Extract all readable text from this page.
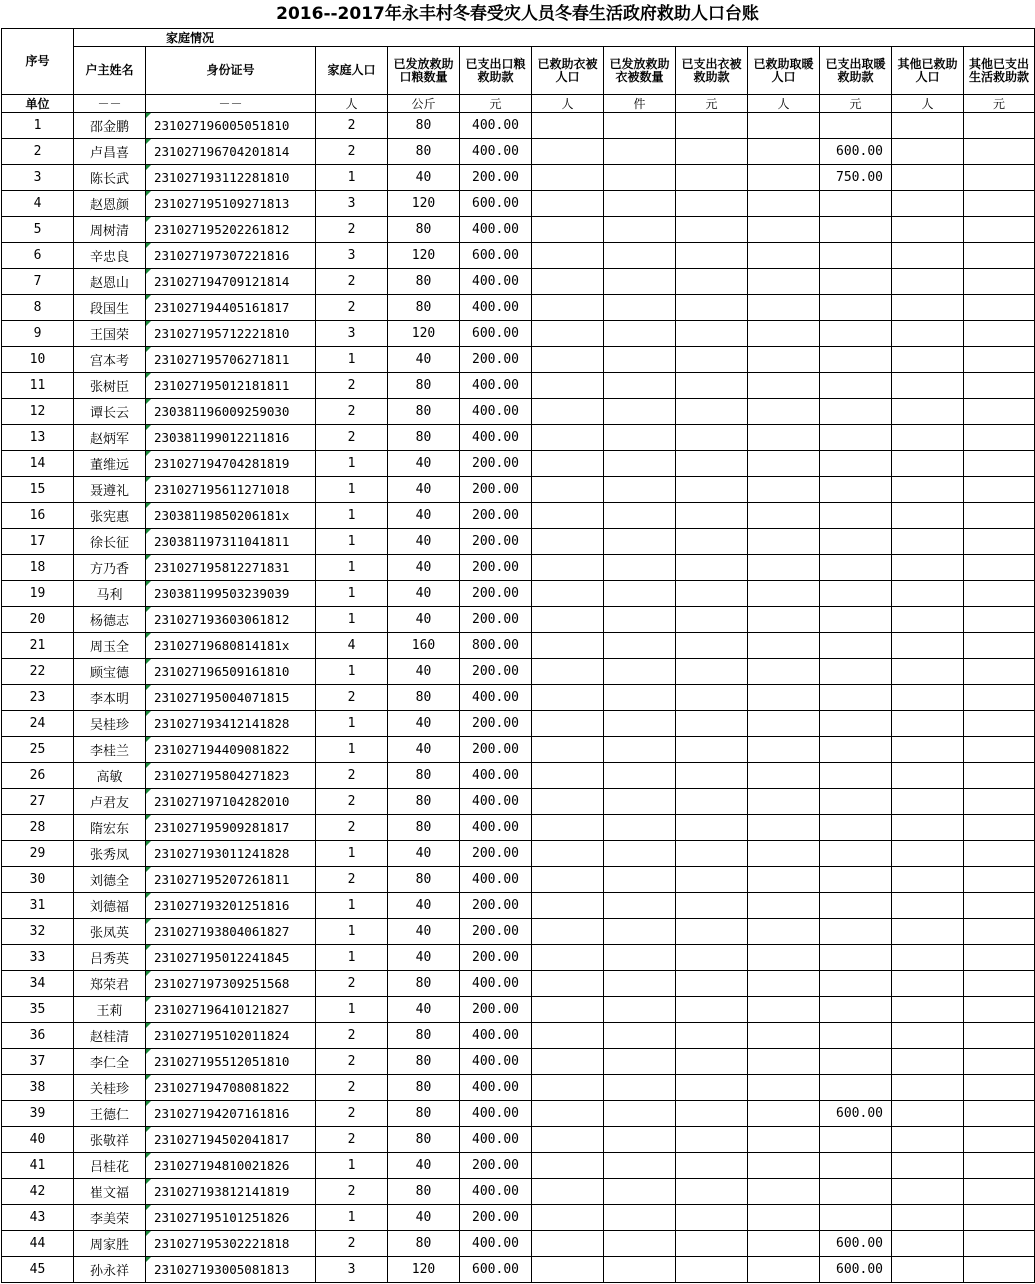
2016--2017年永丰村冬春受灾人员冬春生活政府救助人口台账
序号	家庭情况											
	户主姓名	身份证号	家庭人口	已发放救助口粮数量	已支出口粮救助款	已救助衣被人口	已发放救助衣被数量	已支出衣被救助款	已救助取暖人口	已支出取暖救助款	其他已救助人口	其他已支出生活救助款
单位	－－	－－	人	公斤	元	人	件	元	人	元	人	元
1	邵金鹏	231027196005051810	2	80	400.00							
2	卢昌喜	231027196704201814	2	80	400.00					600.00		
3	陈长武	231027193112281810	1	40	200.00					750.00		
4	赵恩颜	231027195109271813	3	120	600.00							
5	周树清	231027195202261812	2	80	400.00							
6	辛忠良	231027197307221816	3	120	600.00							
7	赵恩山	231027194709121814	2	80	400.00							
8	段国生	231027194405161817	2	80	400.00							
9	王国荣	231027195712221810	3	120	600.00							
10	宫本考	231027195706271811	1	40	200.00							
11	张树臣	231027195012181811	2	80	400.00							
12	谭长云	230381196009259030	2	80	400.00							
13	赵炳军	230381199012211816	2	80	400.00							
14	董维远	231027194704281819	1	40	200.00							
15	聂遵礼	231027195611271018	1	40	200.00							
16	张宪惠	23038119850206181x	1	40	200.00							
17	徐长征	230381197311041811	1	40	200.00							
18	方乃香	231027195812271831	1	40	200.00							
19	马利	230381199503239039	1	40	200.00							
20	杨德志	231027193603061812	1	40	200.00							
21	周玉全	23102719680814181x	4	160	800.00							
22	顾宝德	231027196509161810	1	40	200.00							
23	李本明	231027195004071815	2	80	400.00							
24	吴桂珍	231027193412141828	1	40	200.00							
25	李桂兰	231027194409081822	1	40	200.00							
26	高敏	231027195804271823	2	80	400.00							
27	卢君友	231027197104282010	2	80	400.00							
28	隋宏东	231027195909281817	2	80	400.00							
29	张秀凤	231027193011241828	1	40	200.00							
30	刘德全	231027195207261811	2	80	400.00							
31	刘德福	231027193201251816	1	40	200.00							
32	张凤英	231027193804061827	1	40	200.00							
33	吕秀英	231027195012241845	1	40	200.00							
34	郑荣君	231027197309251568	2	80	400.00							
35	王莉	231027196410121827	1	40	200.00							
36	赵桂清	231027195102011824	2	80	400.00							
37	李仁全	231027195512051810	2	80	400.00							
38	关桂珍	231027194708081822	2	80	400.00							
39	王德仁	231027194207161816	2	80	400.00					600.00		
40	张敬祥	231027194502041817	2	80	400.00							
41	吕桂花	231027194810021826	1	40	200.00							
42	崔文福	231027193812141819	2	80	400.00							
43	李美荣	231027195101251826	1	40	200.00							
44	周家胜	231027195302221818	2	80	400.00					600.00		
45	孙永祥	231027193005081813	3	120	600.00					600.00		
